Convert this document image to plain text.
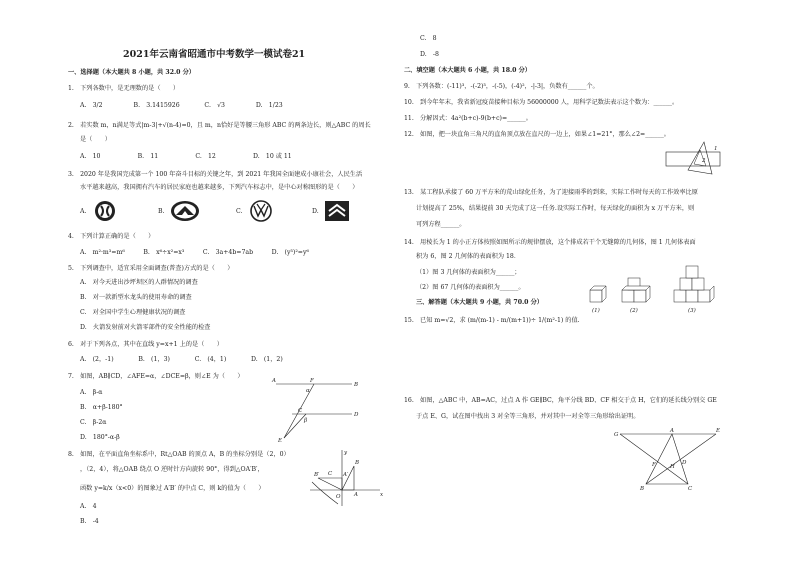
2021年云南省昭通市中考数学一模试卷21
一、选择题（本大题共 8 小题，共 32.0 分）
1.　下列各数中，是无理数的是（　　）
A.　3/2　　　　　B.　3.1415926　　　　C.　√3　　　　　D.　1/23
2.　若实数 m，n满足等式|m-3|+√(n-4)=0，且 m，n恰好是等腰三角形 ABC 的两条边长，则△ABC 的周长
是（　　）
A.　10　　　　　　B.　11　　　　　　C.　12　　　　　　D.　10 或 11
3.　2020 年是我国完成第一个 100 年奋斗目标的关键之年，到 2021 年我国全面建成小康社会，人民生活
水平越来越高，我国拥有汽车的居民家庭也越来越多，下列汽车标志中，是中心对称图形的是（　　）
A.	B.	C.	D.
4.　下列计算正确的是（　　）
A.　m²·m³=m⁶　　　B.　x⁶÷x²=x³　　　C.　3a+4b=7ab　　　D.　(y³)²=y⁶
5.　下列调查中，适宜采用全面调查(普查)方式的是（　　）
A.　对今天进出沙坪坝区的人群情况的调查
B.　对一款新型水龙头的使用寿命的调查
C.　对全国中学生心理健康状况的调查
D.　火箭发射前对火箭零部件的安全性能的检查
6.　对于下列各点，其中在直线 y=x+1 上的是（　　）
A.　(2，-1)　　　　B.　(1，3)　　　　C.　(4，1)　　　　D.　(1，2)
7.　如图，AB∥CD，∠AFE=α，∠DCE=β，则∠E 为（　　）
A.　β-α
B.　α+β-180°
C.　β-2α
D.　180°-α-β
A	F
B
C
D
E
α
β
8.　如图，在平面直角坐标系中，Rt△OAB 的顶点 A，B 的坐标分别是（2，0）
，（2，4），将△OAB 绕点 O 逆时针方向旋转 90°，得到△OA′B′，
函数 y=k/x（x<0）的图象过 A′B′ 的中点 C，则 k的值为（　　）
A.　4
B.　-4
y
x
O A
B
B′	A′
C
C.　8
D.　-8
二、填空题（本大题共 6 小题，共 18.0 分）
9.　下列各数：(-11)³，-(-2)³，-(-5)，(-4)²，-|-3|，负数有______个。
10.　到今年年末，我省新冠疫苗接种目标为 56000000 人，用科学记数法表示这个数为：______。
11.　分解因式：4a²(b+c)-9(b+c)=______。
12.　如图，把一块直角三角尺的直角顶点放在直尺的一边上，如果∠1=21°，那么∠2=______。
1
2
13.　某工程队承接了 60 万平方米的荒山绿化任务，为了迎接雨季的到来，实际工作时每天的工作效率比原
计划提高了 25%，结果提前 30 天完成了这一任务.设实际工作时，每天绿化的面积为 x 万平方米，则
可列方程______。
14.　用棱长为 1 的小正方体按照如图所示的规律摆放，这个排成若干个无缝隙的几何体，图 1 几何体表面
积为 6，图 2 几何体的表面积为 18．
（1）图 3 几何体的表面积为______；
（2）图 67 几何体的表面积为______。
三、解答题（本大题共 9 小题，共 70.0 分）
(1)	(2)	(3)
15.　已知 m=√2，求 (m/(m-1) - m/(m+1))÷ 1/(m²-1) 的值.
16.　如图，△ABC 中，AB=AC，过点 A 作 GE∥BC，角平分线 BD、CF 相交于点 H，它们的延长线分别交 GE
于点 E、G，试在图中找出 3 对全等三角形，并对其中一对全等三角形给出证明。
G
A	E
F	H
D
B	C
